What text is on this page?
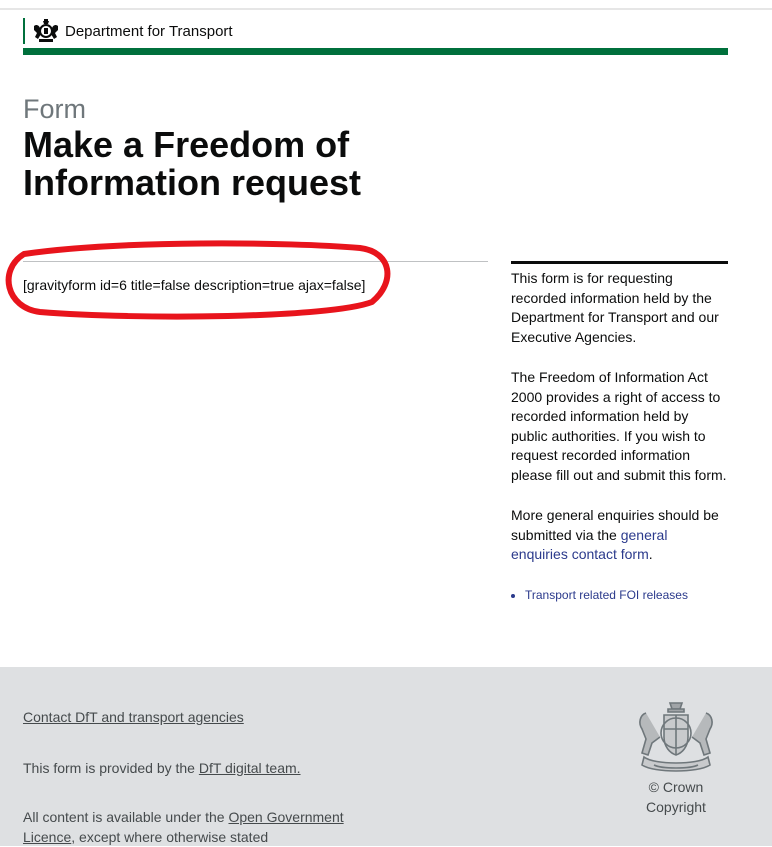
Department for Transport
Form
Make a Freedom of Information request
[gravityform id=6 title=false description=true ajax=false]	This form is for requesting recorded information held by the Department for Transport and our Executive Agencies.

The Freedom of Information Act 2000 provides a right of access to recorded information held by public authorities. If you wish to request recorded information please fill out and submit this form.

More general enquiries should be submitted via the general enquiries contact form.

• Transport related FOI releases
Contact DfT and transport agencies
This form is provided by the DfT digital team.
All content is available under the Open Government Licence, except where otherwise stated
© Crown Copyright
